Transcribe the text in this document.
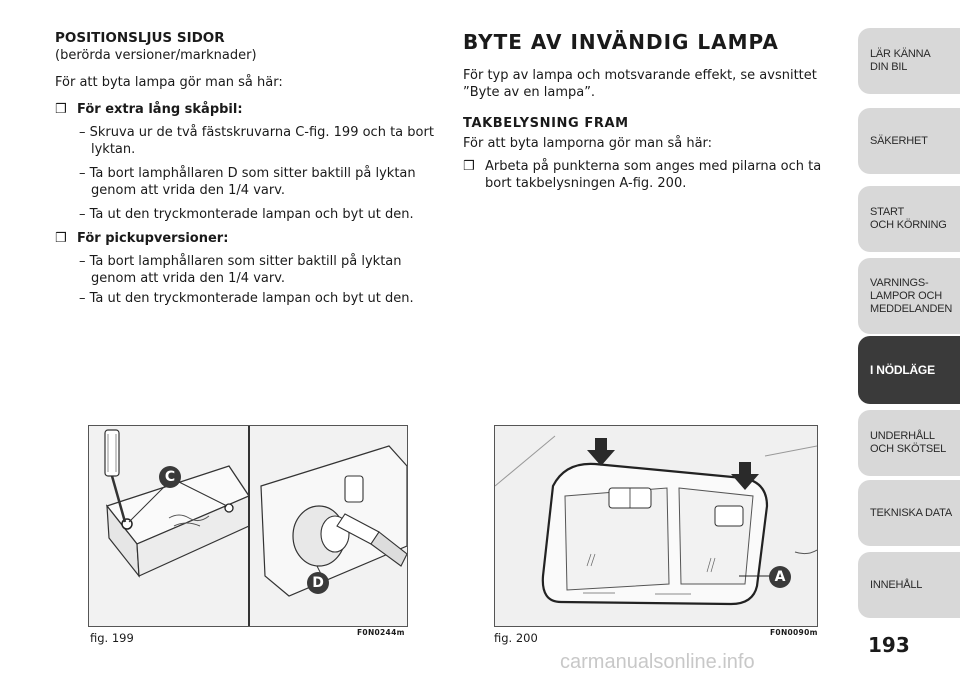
POSITIONSLJUS SIDOR
(berörda versioner/marknader)
För att byta lampa gör man så här:
❒ För extra lång skåpbil:
– Skruva ur de två fästskruvarna C-fig. 199 och ta bort lyktan.
– Ta bort lamphållaren D som sitter baktill på lyktan genom att vrida den 1/4 varv.
– Ta ut den tryckmonterade lampan och byt ut den.
❒ För pickupversioner:
– Ta bort lamphållaren som sitter baktill på lyktan genom att vrida den 1/4 varv.
– Ta ut den tryckmonterade lampan och byt ut den.
BYTE AV INVÄNDIG LAMPA
För typ av lampa och motsvarande effekt, se avsnittet ”Byte av en lampa”.
TAKBELYSNING FRAM
För att byta lamporna gör man så här:
❒ Arbeta på punkterna som anges med pilarna och ta bort takbelysningen A-fig. 200.
C
D
fig. 199	F0N0244m
A
fig. 200	F0N0090m
LÄR KÄNNA
DIN BIL
SÄKERHET
START
OCH KÖRNING
VARNINGS-
LAMPOR OCH
MEDDELANDEN
I NÖDLÄGE
UNDERHÅLL
OCH SKÖTSEL
TEKNISKA DATA
INNEHÅLL
193
carmanualsonline.info
